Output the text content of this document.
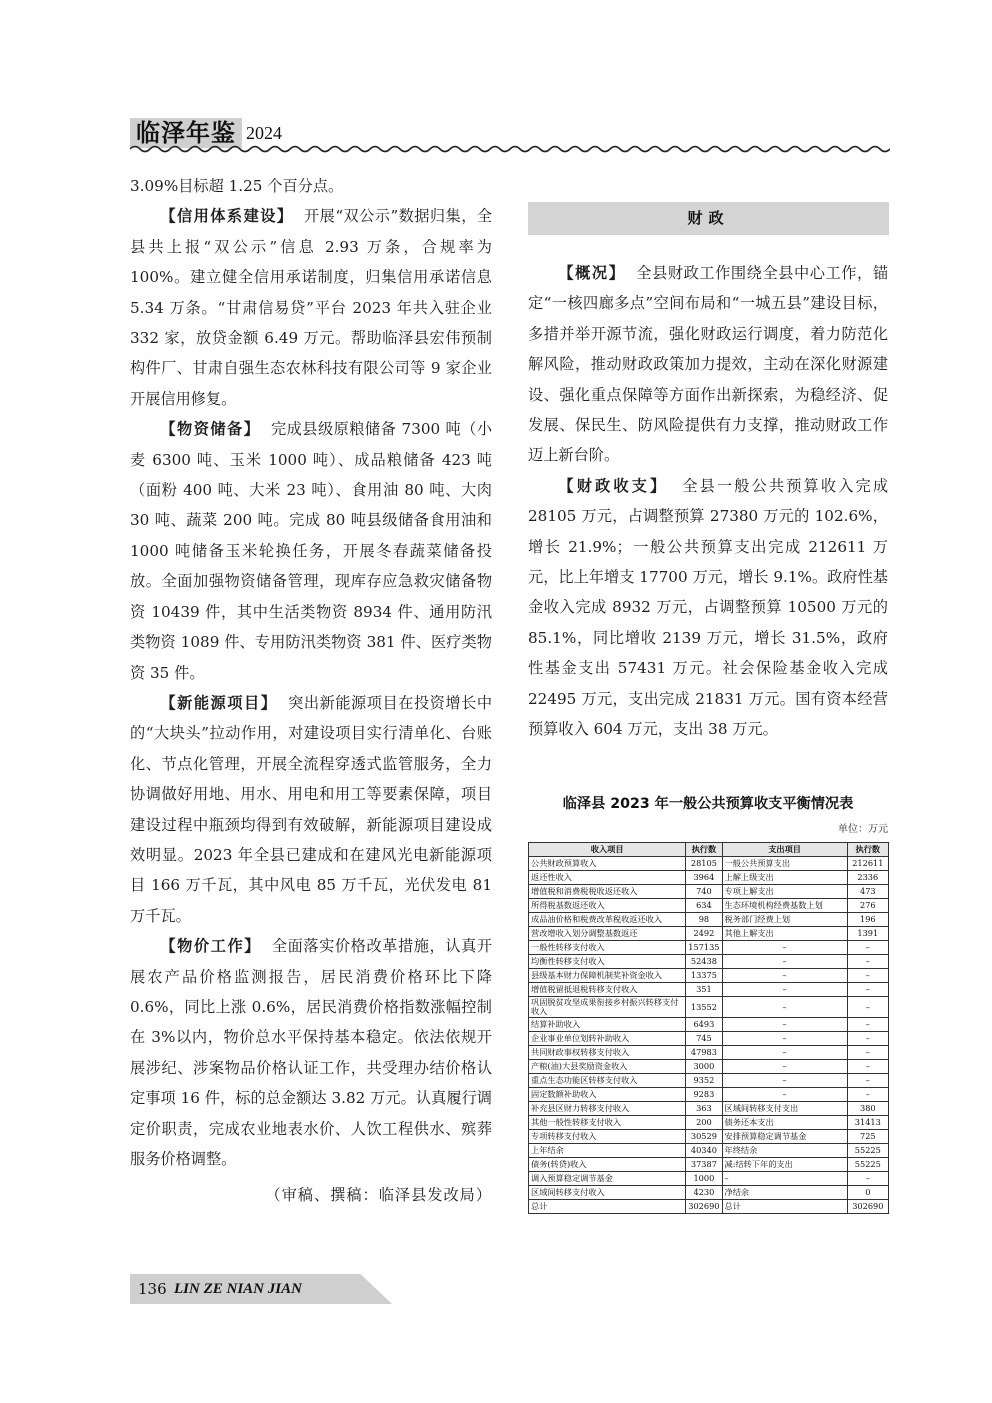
临泽年鉴 2024

3.09%目标超 1.25 个百分点。

【信用体系建设】 开展“双公示”数据归集，全县共上报“双公示”信息 2.93 万条，合规率为 100%。建立健全信用承诺制度，归集信用承诺信息 5.34 万条。“甘肃信易贷”平台 2023 年共入驻企业 332 家，放贷金额 6.49 万元。帮助临泽县宏伟预制构件厂、甘肃自强生态农林科技有限公司等 9 家企业开展信用修复。

【物资储备】 完成县级原粮储备 7300 吨（小麦 6300 吨、玉米 1000 吨）、成品粮储备 423 吨（面粉 400 吨、大米 23 吨）、食用油 80 吨、大肉 30 吨、蔬菜 200 吨。完成 80 吨县级储备食用油和 1000 吨储备玉米轮换任务，开展冬春蔬菜储备投放。全面加强物资储备管理，现库存应急救灾储备物资 10439 件，其中生活类物资 8934 件、通用防汛类物资 1089 件、专用防汛类物资 381 件、医疗类物资 35 件。

【新能源项目】 突出新能源项目在投资增长中的“大块头”拉动作用，对建设项目实行清单化、台账化、节点化管理，开展全流程穿透式监管服务，全力协调做好用地、用水、用电和用工等要素保障，项目建设过程中瓶颈均得到有效破解，新能源项目建设成效明显。2023 年全县已建成和在建风光电新能源项目 166 万千瓦，其中风电 85 万千瓦，光伏发电 81 万千瓦。

【物价工作】 全面落实价格改革措施，认真开展农产品价格监测报告，居民消费价格环比下降 0.6%，同比上涨 0.6%，居民消费价格指数涨幅控制在 3%以内，物价总水平保持基本稳定。依法依规开展涉纪、涉案物品价格认证工作，共受理办结价格认定事项 16 件，标的总金额达 3.82 万元。认真履行调定价职责，完成农业地表水价、人饮工程供水、殡葬服务价格调整。

（审稿、撰稿：临泽县发改局）

财政

【概况】 全县财政工作围绕全县中心工作，锚定“一核四廊多点”空间布局和“一城五县”建设目标，多措并举开源节流，强化财政运行调度，着力防范化解风险，推动财政政策加力提效，主动在深化财源建设、强化重点保障等方面作出新探索，为稳经济、促发展、保民生、防风险提供有力支撑，推动财政工作迈上新台阶。

【财政收支】 全县一般公共预算收入完成 28105 万元，占调整预算 27380 万元的 102.6%，增长 21.9%；一般公共预算支出完成 212611 万元，比上年增支 17700 万元，增长 9.1%。政府性基金收入完成 8932 万元，占调整预算 10500 万元的 85.1%，同比增收 2139 万元，增长 31.5%，政府性基金支出 57431 万元。社会保险基金收入完成 22495 万元，支出完成 21831 万元。国有资本经营预算收入 604 万元，支出 38 万元。

临泽县 2023 年一般公共预算收支平衡情况表
单位：万元
收入项目	执行数	支出项目	执行数
公共财政预算收入	28105	一般公共预算支出	212611
返还性收入	3964	上解上级支出	2336
增值税和消费税税收返还收入	740	专项上解支出	473
所得税基数返还收入	634	生态环境机构经费基数上划	276
成品油价格和税费改革税收返还收入	98	税务部门经费上划	196
营改增收入划分调整基数返还	2492	其他上解支出	1391
一般性转移支付收入	157135	–	–
均衡性转移支付收入	52438	–	–
县级基本财力保障机制奖补资金收入	13375	–	–
增值税留抵退税转移支付收入	351	–	–
巩固脱贫攻坚成果衔接乡村振兴转移支付收入	13552	–	–
结算补助收入	6493	–	–
企业事业单位划转补助收入	745	–	–
共同财政事权转移支付收入	47983	–	–
产粮(油)大县奖励资金收入	3000	–	–
重点生态功能区转移支付收入	9352	–	–
固定数额补助收入	9283	–	–
补充县区财力转移支付收入	363	区域间转移支付支出	380
其他一般性转移支付收入	200	债务还本支出	31413
专项转移支付收入	30529	安排预算稳定调节基金	725
上年结余	40340	年终结余	55225
债务(转贷)收入	37387	减:结转下年的支出	55225
调入预算稳定调节基金	1000	–	–
区域间转移支付收入	4230	净结余	0
总计	302690	总计	302690
136 LIN ZE NIAN JIAN
